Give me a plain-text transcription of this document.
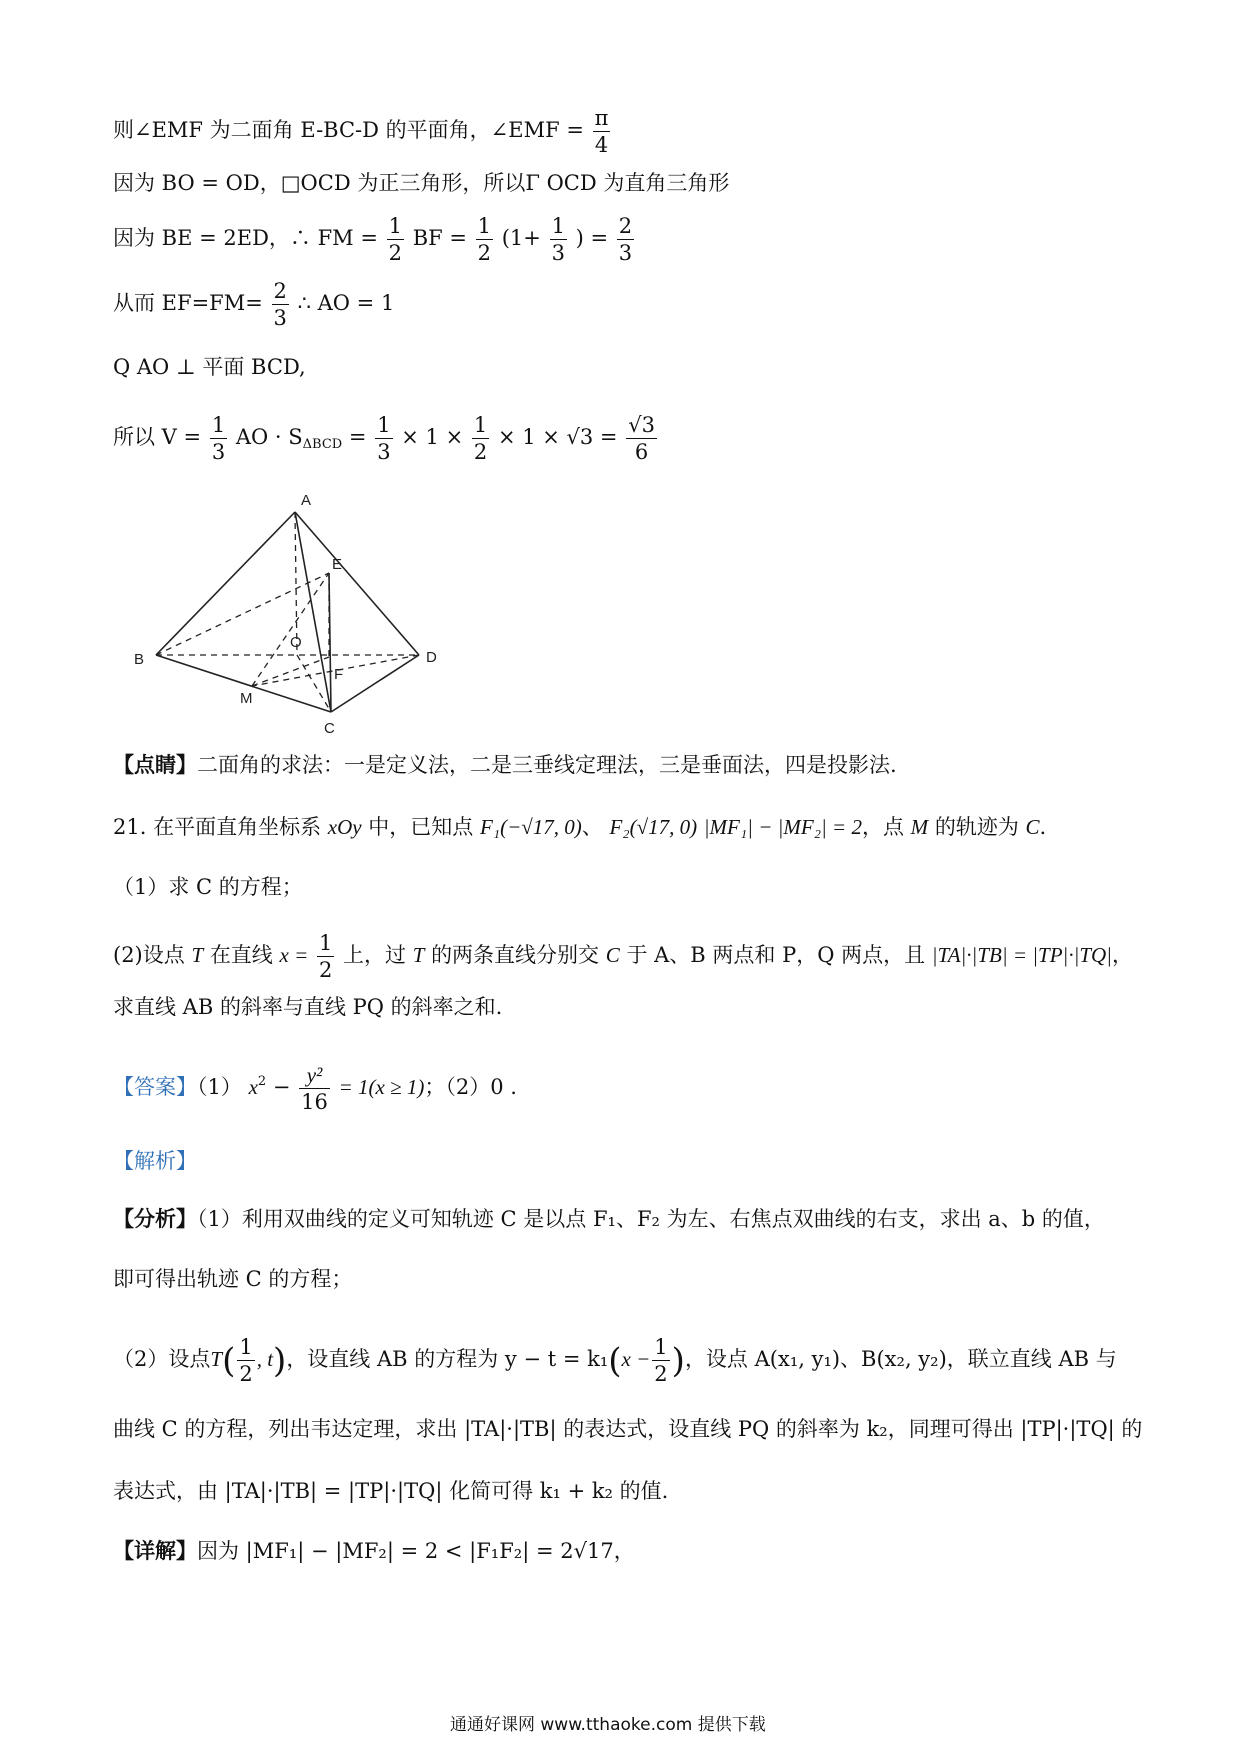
则∠EMF 为二面角 E-BC-D 的平面角，∠EMF = $\frac{\pi}{4}$
因为 BO = OD，□OCD 为正三角形，所以Γ OCD 为直角三角形
因为 BE = 2ED，∴ FM = $\frac{1}{2}$ BF = $\frac{1}{2} (1+ \frac{1}{3}$ ) = $\frac{2}{3}$
从而 $EF=FM= \frac{2}{3}$ ∴ AO = 1
Q AO ⊥ 平面 BCD,
所以 $V = \frac{1}{3}$ AO · $S_{\Delta BCD} = \frac{1}{3} \times 1 \times \frac{1}{2} \times 1 \times √3 = \frac{√3}{6}$
A
E
B	D
O
F
M
C
【点睛】二面角的求法：一是定义法，二是三垂线定理法，三是垂面法，四是投影法.
21. 在平面直角坐标系 xOy 中，已知点 F₁(−√17, 0)、 F₂(√17, 0) |MF₁| − |MF₂| = 2，点 M 的轨迹为 C.
（1）求 C 的方程；
(2)设点 T 在直线 $x = \frac{1}{2}$ 上，过 T 的两条直线分别交 C 于 A、B 两点和 P，Q 两点，且 |TA|·|TB| = |TP|·|TQ|，
求直线 AB 的斜率与直线 PQ 的斜率之和.
【答案】（1） $x^2 - \frac{\text{y²}}{16} = 1(x \ge 1)$；（2）0 .
【解析】
【分析】（1）利用双曲线的定义可知轨迹 C 是以点 F₁、F₂ 为左、右焦点双曲线的右支，求出 a、b 的值，
即可得出轨迹 C 的方程；
（2）设点$T( \frac{1}{2}$ , t)，设直线 AB 的方程为 $y - t = k_1(x - \frac{1}{2}$ )，设点 A(x₁, y₁)、B(x₂, y₂)，联立直线 AB 与
曲线 C 的方程，列出韦达定理，求出 |TA|·|TB| 的表达式，设直线 PQ 的斜率为 k₂，同理可得出 |TP|·|TQ| 的
表达式，由 |TA|·|TB| = |TP|·|TQ| 化简可得 k₁ + k₂ 的值.
【详解】因为 |MF₁| − |MF₂| = 2 < |F₁F₂| = 2√17，
通通好课网 www.tthaoke.com 提供下载
